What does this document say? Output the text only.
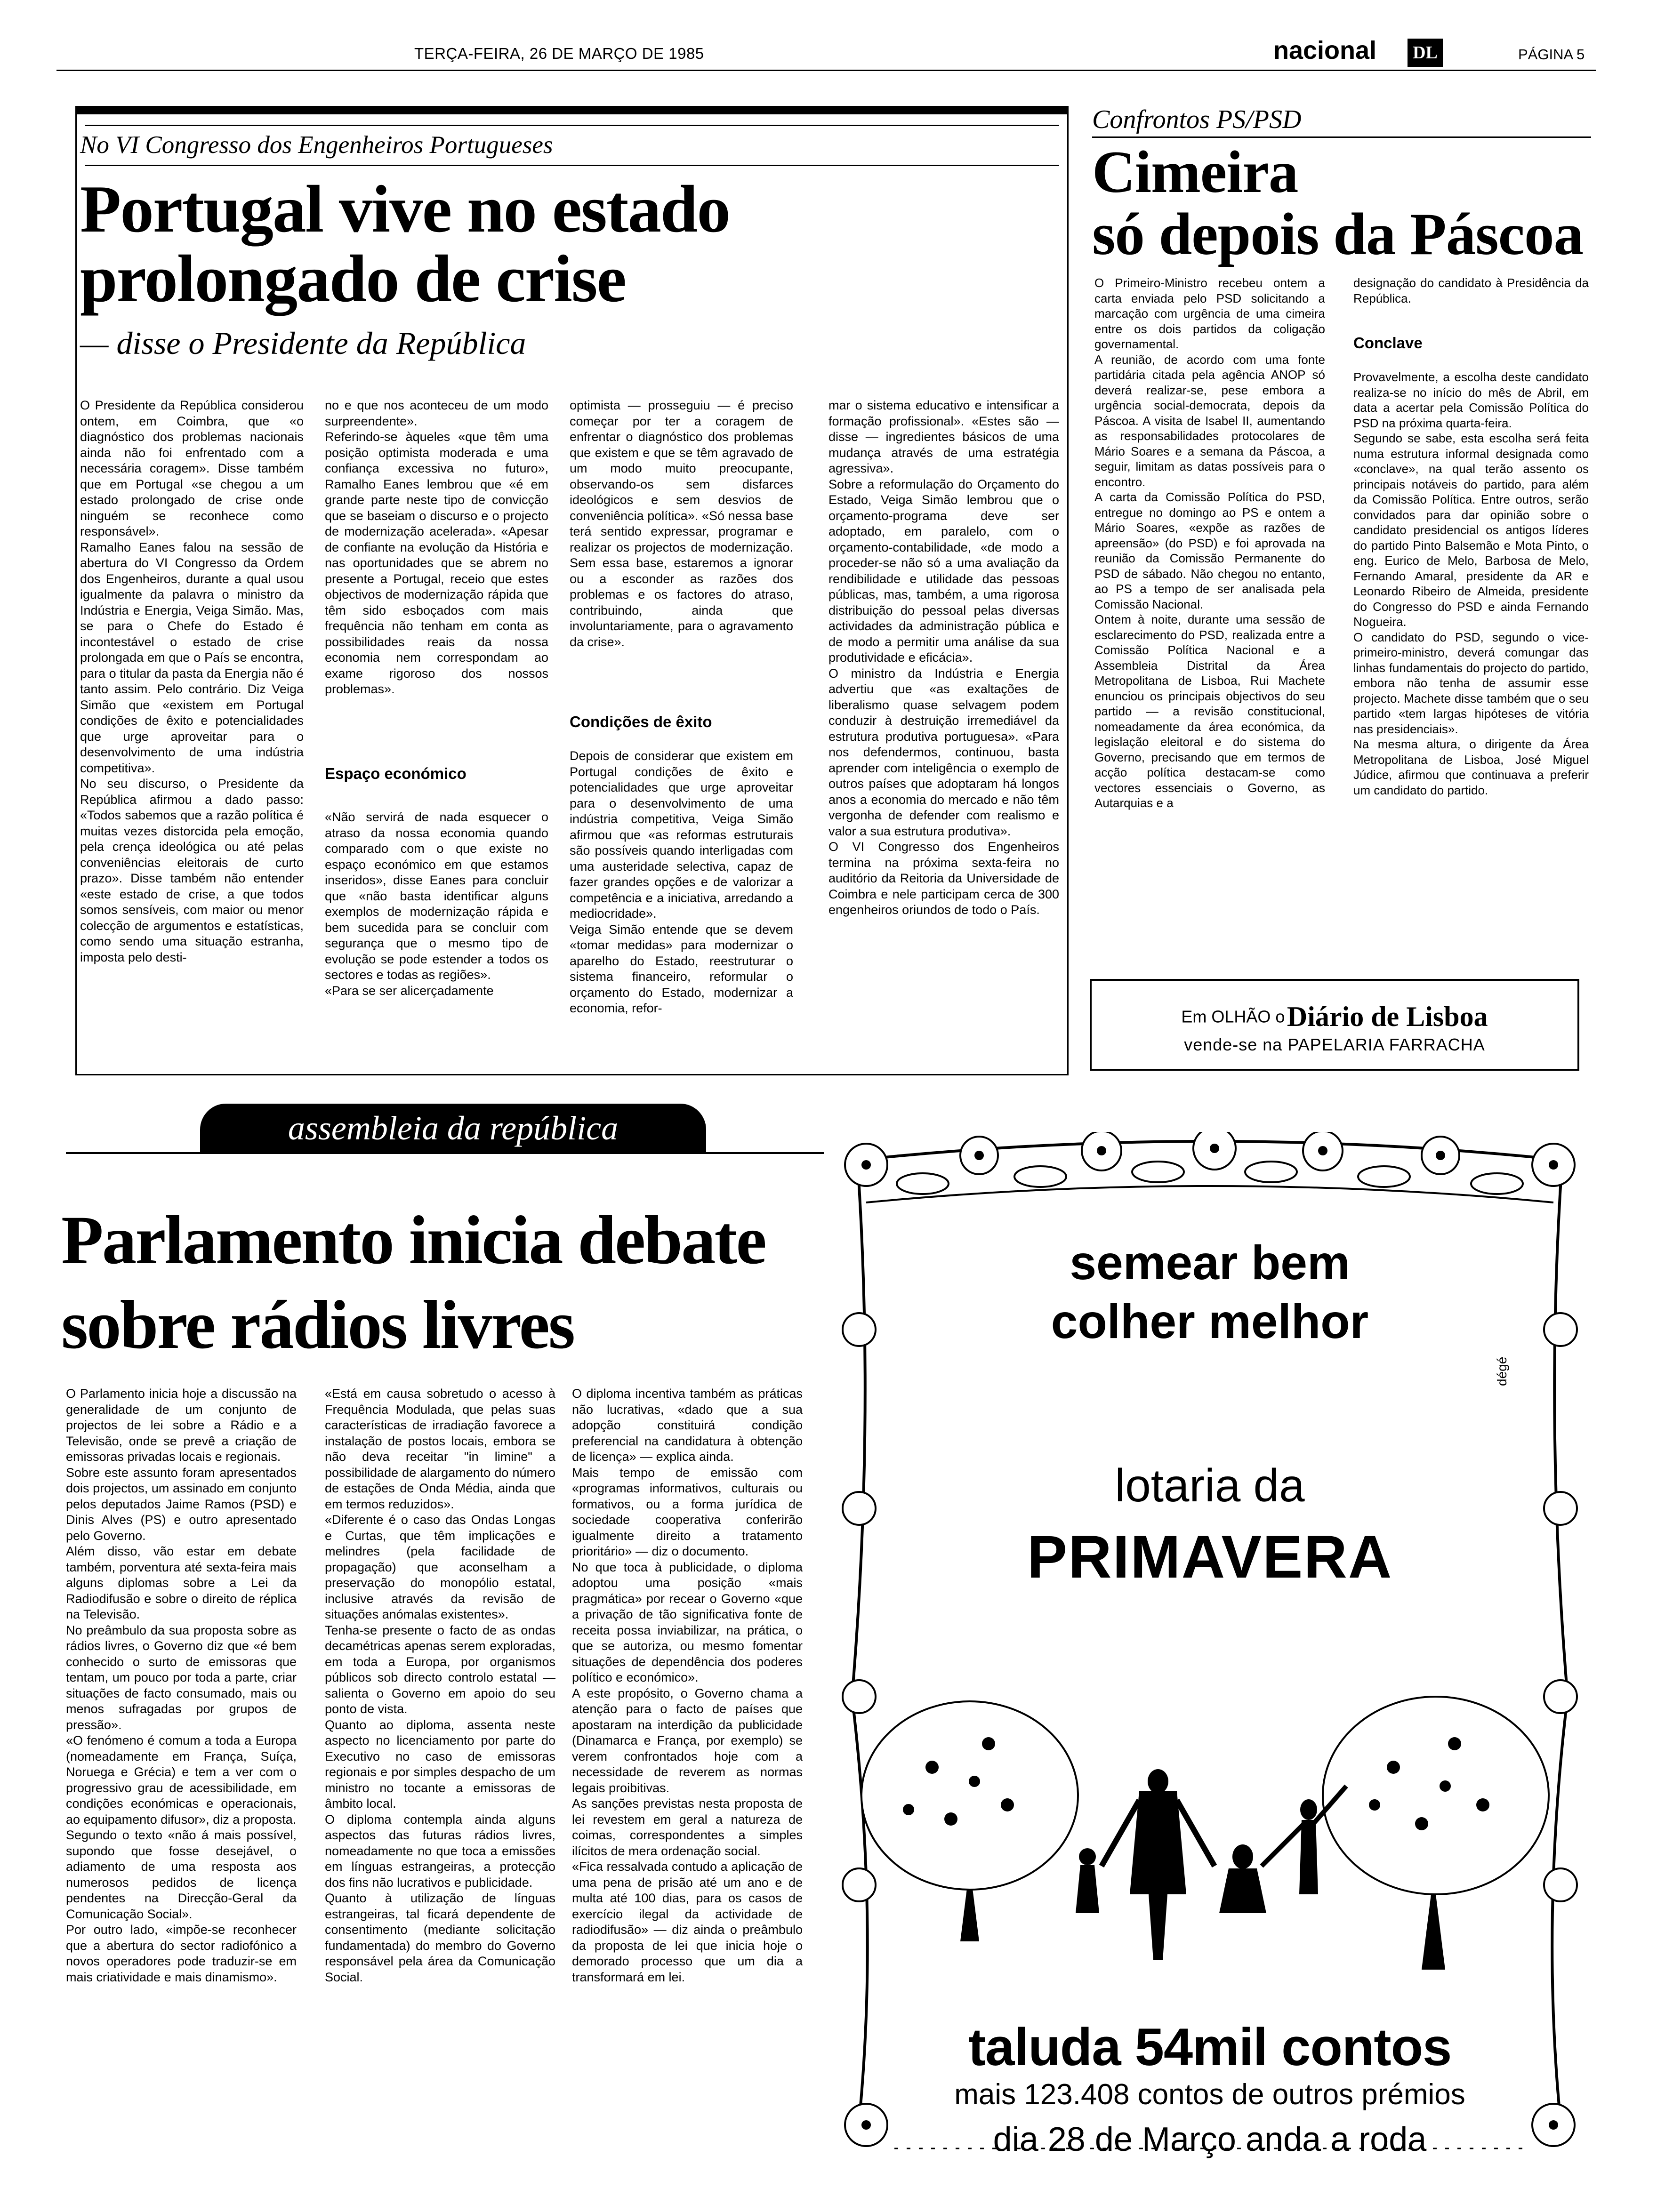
TERÇA-FEIRA, 26 DE MARÇO DE 1985	nacional DL	PÁGINA 5
No VI Congresso dos Engenheiros Portugueses
Portugal vive no estado
prolongado de crise
— disse o Presidente da República

O Presidente da República considerou ontem, em Coimbra, que «o diagnóstico dos problemas nacionais ainda não foi enfrentado com a necessária coragem». Disse também que em Portugal «se chegou a um estado prolongado de crise onde ninguém se reconhece como responsável».
Ramalho Eanes falou na sessão de abertura do VI Congresso da Ordem dos Engenheiros, durante a qual usou igualmente da palavra o ministro da Indústria e Energia, Veiga Simão. Mas, se para o Chefe do Estado é incontestável o estado de crise prolongada em que o País se encontra, para o titular da pasta da Energia não é tanto assim. Pelo contrário. Diz Veiga Simão que «existem em Portugal condições de êxito e potencialidades que urge aproveitar para o desenvolvimento de uma indústria competitiva».
No seu discurso, o Presidente da República afirmou a dado passo: «Todos sabemos que a razão política é muitas vezes distorcida pela emoção, pela crença ideológica ou até pelas conveniências eleitorais de curto prazo». Disse também não entender «este estado de crise, a que todos somos sensíveis, com maior ou menor colecção de argumentos e estatísticas, como sendo uma situação estranha, imposta pelo desti-

no e que nos aconteceu de um modo surpreendente».
Referindo-se àqueles «que têm uma posição optimista moderada e uma confiança excessiva no futuro», Ramalho Eanes lembrou que «é em grande parte neste tipo de convicção que se baseiam o discurso e o projecto de modernização acelerada». «Apesar de confiante na evolução da História e nas oportunidades que se abrem no presente a Portugal, receio que estes objectivos de modernização rápida que têm sido esboçados com mais frequência não tenham em conta as possibilidades reais da nossa economia nem correspondam ao exame rigoroso dos nossos problemas».

Espaço económico

«Não servirá de nada esquecer o atraso da nossa economia quando comparado com o que existe no espaço económico em que estamos inseridos», disse Eanes para concluir que «não basta identificar alguns exemplos de modernização rápida e bem sucedida para se concluir com segurança que o mesmo tipo de evolução se pode estender a todos os sectores e todas as regiões».
«Para se ser alicerçadamente

optimista — prosseguiu — é preciso começar por ter a coragem de enfrentar o diagnóstico dos problemas que existem e que se têm agravado de um modo muito preocupante, observando-os sem disfarces ideológicos e sem desvios de conveniência política». «Só nessa base terá sentido expressar, programar e realizar os projectos de modernização. Sem essa base, estaremos a ignorar ou a esconder as razões dos problemas e os factores do atraso, contribuindo, ainda que involuntariamente, para o agravamento da crise».

Condições de êxito

Depois de considerar que existem em Portugal condições de êxito e potencialidades que urge aproveitar para o desenvolvimento de uma indústria competitiva, Veiga Simão afirmou que «as reformas estruturais são possíveis quando interligadas com uma austeridade selectiva, capaz de fazer grandes opções e de valorizar a competência e a iniciativa, arredando a mediocridade».
Veiga Simão entende que se devem «tomar medidas» para modernizar o aparelho do Estado, reestruturar o sistema financeiro, reformular o orçamento do Estado, modernizar a economia, refor-

mar o sistema educativo e intensificar a formação profissional». «Estes são — disse — ingredientes básicos de uma mudança através de uma estratégia agressiva».
Sobre a reformulação do Orçamento do Estado, Veiga Simão lembrou que o orçamento-programa deve ser adoptado, em paralelo, com o orçamento-contabilidade, «de modo a proceder-se não só a uma avaliação da rendibilidade e utilidade das pessoas públicas, mas, também, a uma rigorosa distribuição do pessoal pelas diversas actividades da administração pública e de modo a permitir uma análise da sua produtividade e eficácia».
O ministro da Indústria e Energia advertiu que «as exaltações de liberalismo quase selvagem podem conduzir à destruição irremediável da estrutura produtiva portuguesa». «Para nos defendermos, continuou, basta aprender com inteligência o exemplo de outros países que adoptaram há longos anos a economia do mercado e não têm vergonha de defender com realismo e valor a sua estrutura produtiva».
O VI Congresso dos Engenheiros termina na próxima sexta-feira no auditório da Reitoria da Universidade de Coimbra e nele participam cerca de 300 engenheiros oriundos de todo o País.

Confrontos PS/PSD
Cimeira
só depois da Páscoa

O Primeiro-Ministro recebeu ontem a carta enviada pelo PSD solicitando a marcação com urgência de uma cimeira entre os dois partidos da coligação governamental.
A reunião, de acordo com uma fonte partidária citada pela agência ANOP só deverá realizar-se, pese embora a urgência social-democrata, depois da Páscoa. A visita de Isabel II, aumentando as responsabilidades protocolares de Mário Soares e a semana da Páscoa, a seguir, limitam as datas possíveis para o encontro.
A carta da Comissão Política do PSD, entregue no domingo ao PS e ontem a Mário Soares, «expõe as razões de apreensão» (do PSD) e foi aprovada na reunião da Comissão Permanente do PSD de sábado. Não chegou no entanto, ao PS a tempo de ser analisada pela Comissão Nacional.
Ontem à noite, durante uma sessão de esclarecimento do PSD, realizada entre a Comissão Política Nacional e a Assembleia Distrital da Área Metropolitana de Lisboa, Rui Machete enunciou os principais objectivos do seu partido — a revisão constitucional, nomeadamente da área económica, da legislação eleitoral e do sistema do Governo, precisando que em termos de acção política destacam-se como vectores essenciais o Governo, as Autarquias e a

designação do candidato à Presidência da República.

Conclave

Provavelmente, a escolha deste candidato realiza-se no início do mês de Abril, em data a acertar pela Comissão Política do PSD na próxima quarta-feira.
Segundo se sabe, esta escolha será feita numa estrutura informal designada como «conclave», na qual terão assento os principais notáveis do partido, para além da Comissão Política. Entre outros, serão convidados para dar opinião sobre o candidato presidencial os antigos líderes do partido Pinto Balsemão e Mota Pinto, o eng. Eurico de Melo, Barbosa de Melo, Fernando Amaral, presidente da AR e Leonardo Ribeiro de Almeida, presidente do Congresso do PSD e ainda Fernando Nogueira.
O candidato do PSD, segundo o vice-primeiro-ministro, deverá comungar das linhas fundamentais do projecto do partido, embora não tenha de assumir esse projecto. Machete disse também que o seu partido «tem largas hipóteses de vitória nas presidenciais».
Na mesma altura, o dirigente da Área Metropolitana de Lisboa, José Miguel Júdice, afirmou que continuava a preferir um candidato do partido.

Em OLHÃO o Diário de Lisboa
vende-se na PAPELARIA FARRACHA
assembleia da república
Parlamento inicia debate
sobre rádios livres

O Parlamento inicia hoje a discussão na generalidade de um conjunto de projectos de lei sobre a Rádio e a Televisão, onde se prevê a criação de emissoras privadas locais e regionais.
Sobre este assunto foram apresentados dois projectos, um assinado em conjunto pelos deputados Jaime Ramos (PSD) e Dinis Alves (PS) e outro apresentado pelo Governo.
Além disso, vão estar em debate também, porventura até sexta-feira mais alguns diplomas sobre a Lei da Radiodifusão e sobre o direito de réplica na Televisão.
No preâmbulo da sua proposta sobre as rádios livres, o Governo diz que «é bem conhecido o surto de emissoras que tentam, um pouco por toda a parte, criar situações de facto consumado, mais ou menos sufragadas por grupos de pressão».
«O fenómeno é comum a toda a Europa (nomeadamente em França, Suíça, Noruega e Grécia) e tem a ver com o progressivo grau de acessibilidade, em condições económicas e operacionais, ao equipamento difusor», diz a proposta.
Segundo o texto «não á mais possível, supondo que fosse desejável, o adiamento de uma resposta aos numerosos pedidos de licença pendentes na Direcção-Geral da Comunicação Social».
Por outro lado, «impõe-se reconhecer que a abertura do sector radiofónico a novos operadores pode traduzir-se em mais criatividade e mais dinamismo».

«Está em causa sobretudo o acesso à Frequência Modulada, que pelas suas características de irradiação favorece a instalação de postos locais, embora se não deva receitar "in limine" a possibilidade de alargamento do número de estações de Onda Média, ainda que em termos reduzidos».
«Diferente é o caso das Ondas Longas e Curtas, que têm implicações e melindres (pela facilidade de propagação) que aconselham a preservação do monopólio estatal, inclusive através da revisão de situações anómalas existentes».
Tenha-se presente o facto de as ondas decamétricas apenas serem exploradas, em toda a Europa, por organismos públicos sob directo controlo estatal — salienta o Governo em apoio do seu ponto de vista.
Quanto ao diploma, assenta neste aspecto no licenciamento por parte do Executivo no caso de emissoras regionais e por simples despacho de um ministro no tocante a emissoras de âmbito local.
O diploma contempla ainda alguns aspectos das futuras rádios livres, nomeadamente no que toca a emissões em línguas estrangeiras, a protecção dos fins não lucrativos e publicidade.
Quanto à utilização de línguas estrangeiras, tal ficará dependente de consentimento (mediante solicitação fundamentada) do membro do Governo responsável pela área da Comunicação Social.

O diploma incentiva também as práticas não lucrativas, «dado que a sua adopção constituirá condição preferencial na candidatura à obtenção de licença» — explica ainda.
Mais tempo de emissão com «programas informativos, culturais ou formativos, ou a forma jurídica de sociedade cooperativa conferirão igualmente direito a tratamento prioritário» — diz o documento.
No que toca à publicidade, o diploma adoptou uma posição «mais pragmática» por recear o Governo «que a privação de tão significativa fonte de receita possa inviabilizar, na prática, o que se autoriza, ou mesmo fomentar situações de dependência dos poderes político e económico».
A este propósito, o Governo chama a atenção para o facto de países que apostaram na interdição da publicidade (Dinamarca e França, por exemplo) se verem confrontados hoje com a necessidade de reverem as normas legais proibitivas.
As sanções previstas nesta proposta de lei revestem em geral a natureza de coimas, correspondentes a simples ilícitos de mera ordenação social.
«Fica ressalvada contudo a aplicação de uma pena de prisão até um ano e de multa até 100 dias, para os casos de exercício ilegal da actividade de radiodifusão» — diz ainda o preâmbulo da proposta de lei que inicia hoje o demorado processo que um dia a transformará em lei.

semear bem
colher melhor
dégé
lotaria da
PRIMAVERA
taluda 54mil contos
mais 123.408 contos de outros prémios
dia 28 de Março anda a roda
